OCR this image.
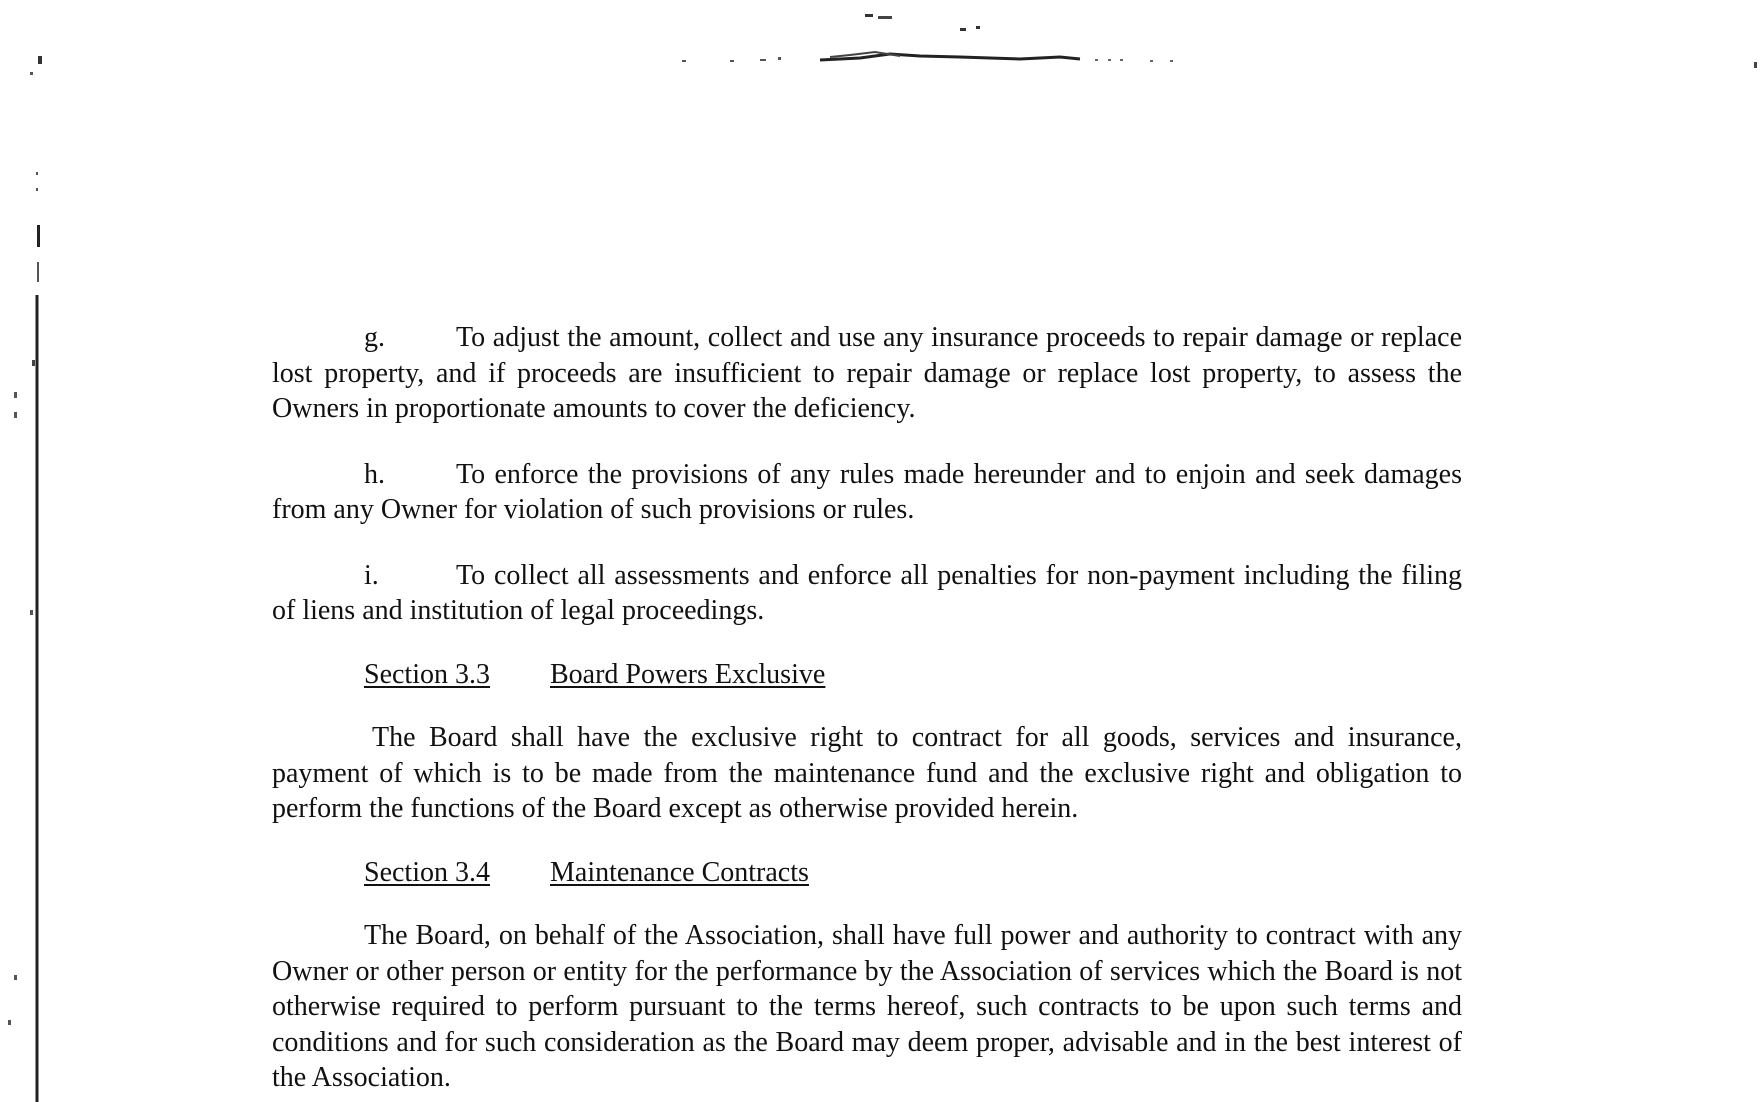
g.	To adjust the amount, collect and use any insurance proceeds to repair damage or replace lost property, and if proceeds are insufficient to repair damage or replace lost property, to assess the Owners in proportionate amounts to cover the deficiency.

h.	To enforce the provisions of any rules made hereunder and to enjoin and seek damages from any Owner for violation of such provisions or rules.

i.	To collect all assessments and enforce all penalties for non-payment including the filing of liens and institution of legal proceedings.

Section 3.3 Board Powers Exclusive

The Board shall have the exclusive right to contract for all goods, services and insurance, payment of which is to be made from the maintenance fund and the exclusive right and obligation to perform the functions of the Board except as otherwise provided herein.

Section 3.4 Maintenance Contracts

The Board, on behalf of the Association, shall have full power and authority to contract with any Owner or other person or entity for the performance by the Association of services which the Board is not otherwise required to perform pursuant to the terms hereof, such contracts to be upon such terms and conditions and for such consideration as the Board may deem proper, advisable and in the best interest of the Association.
